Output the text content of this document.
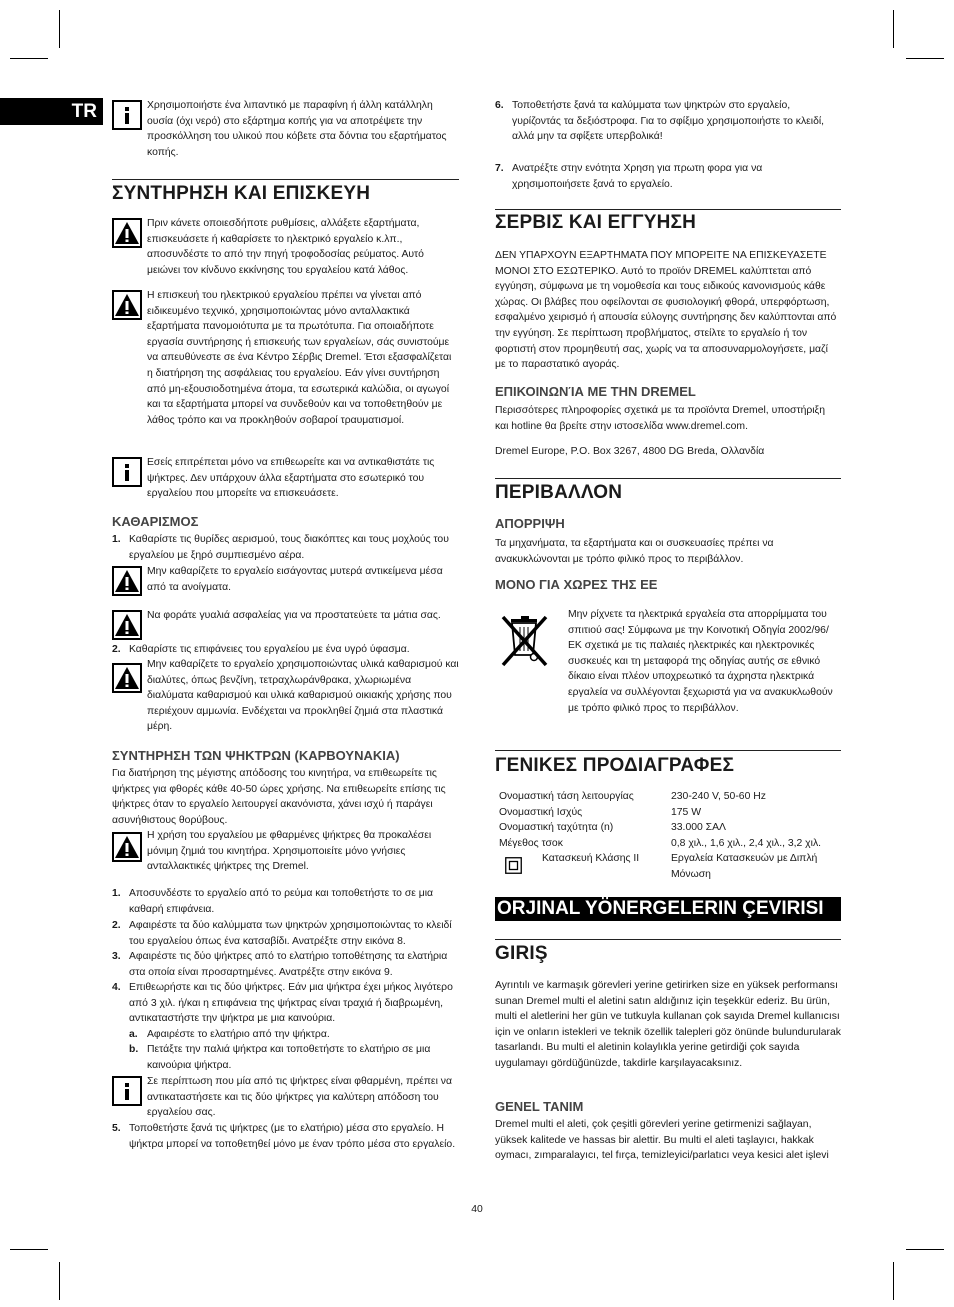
TR	Χρησιμοποιήστε ένα λιπαντικό με παραφίνη ή άλλη κατάλληλη ουσία (όχι νερό) στο εξάρτημα κοπής για να αποτρέψετε την προσκόλληση του υλικού που κόβετε στα δόντια του εξαρτήματος κοπής.

ΣΥΝΤΗΡΗΣΗ ΚΑΙ ΕΠΙΣΚΕΥΗ

Πριν κάνετε οποιεσδήποτε ρυθμίσεις, αλλάξετε εξαρτήματα, επισκευάσετε ή καθαρίσετε το ηλεκτρικό εργαλείο κ.λπ., αποσυνδέστε το από την πηγή τροφοδοσίας ρεύματος. Αυτό μειώνει τον κίνδυνο εκκίνησης του εργαλείου κατά λάθος.

Η επισκευή του ηλεκτρικού εργαλείου πρέπει να γίνεται από ειδικευμένο τεχνικό, χρησιμοποιώντας μόνο ανταλλακτικά εξαρτήματα πανομοιότυπα με τα πρωτότυπα. Για οποιαδήποτε εργασία συντήρησης ή επισκευής των εργαλείων, σάς συνιστούμε να απευθύνεστε σε ένα Κέντρο Σέρβις Dremel. Έτσι εξασφαλίζεται η διατήρηση της ασφάλειας του εργαλείου. Εάν γίνει συντήρηση από μη-εξουσιοδοτημένα άτομα, τα εσωτερικά καλώδια, οι αγωγοί και τα εξαρτήματα μπορεί να συνδεθούν και να τοποθετηθούν με λάθος τρόπο και να προκληθούν σοβαροί τραυματισμοί.

Εσείς επιτρέπεται μόνο να επιθεωρείτε και να αντικαθιστάτε τις ψήκτρες. Δεν υπάρχουν άλλα εξαρτήματα στο εσωτερικό του εργαλείου που μπορείτε να επισκευάσετε.

ΚΑΘΑΡΙΣΜΟΣ
1. Καθαρίστε τις θυρίδες αερισμού, τους διακόπτες και τους μοχλούς του εργαλείου με ξηρό συμπιεσμένο αέρα.

Μην καθαρίζετε το εργαλείο εισάγοντας μυτερά αντικείμενα μέσα από τα ανοίγματα.

Να φοράτε γυαλιά ασφαλείας για να προστατεύετε τα μάτια σας.

2. Καθαρίστε τις επιφάνειες του εργαλείου με ένα υγρό ύφασμα.

Μην καθαρίζετε το εργαλείο χρησιμοποιώντας υλικά καθαρισμού και διαλύτες, όπως βενζίνη, τετραχλωράνθρακα, χλωριωμένα διαλύματα καθαρισμού και υλικά καθαρισμού οικιακής χρήσης που περιέχουν αμμωνία. Ενδέχεται να προκληθεί ζημιά στα πλαστικά μέρη.

ΣΥΝΤΗΡΗΣΗ ΤΩΝ ΨΗΚΤΡΩΝ (ΚΑΡΒΟΥΝΑΚΙΑ)

Για διατήρηση της μέγιστης απόδοσης του κινητήρα, να επιθεωρείτε τις ψήκτρες για φθορές κάθε 40-50 ώρες χρήσης. Να επιθεωρείτε επίσης τις ψήκτρες όταν το εργαλείο λειτουργεί ακανόνιστα, χάνει ισχύ ή παράγει ασυνήθιστους θορύβους.

Η χρήση του εργαλείου με φθαρμένες ψήκτρες θα προκαλέσει μόνιμη ζημιά του κινητήρα. Χρησιμοποιείτε μόνο γνήσιες ανταλλακτικές ψήκτρες της Dremel.

1. Αποσυνδέστε το εργαλείο από το ρεύμα και τοποθετήστε το σε μια καθαρή επιφάνεια.

2. Αφαιρέστε τα δύο καλύμματα των ψηκτρών χρησιμοποιώντας το κλειδί του εργαλείου όπως ένα κατσαβίδι. Ανατρέξτε στην εικόνα 8.

3. Αφαιρέστε τις δύο ψήκτρες από το ελατήριο τοποθέτησης τα ελατήρια στα οποία είναι προσαρτημένες. Ανατρέξτε στην εικόνα 9.

4. Επιθεωρήστε και τις δύο ψήκτρες. Εάν μια ψήκτρα έχει μήκος λιγότερο από 3 χιλ. ή/και η επιφάνεια της ψήκτρας είναι τραχιά ή διαβρωμένη, αντικαταστήστε την ψήκτρα με μια καινούρια.

a. Αφαιρέστε το ελατήριο από την ψήκτρα.

b. Πετάξτε την παλιά ψήκτρα και τοποθετήστε το ελατήριο σε μια καινούρια ψήκτρα.

Σε περίπτωση που μία από τις ψήκτρες είναι φθαρμένη, πρέπει να αντικαταστήσετε και τις δύο ψήκτρες για καλύτερη απόδοση του εργαλείου σας.

5. Τοποθετήστε ξανά τις ψήκτρες (με το ελατήριο) μέσα στο εργαλείο. Η ψήκτρα μπορεί να τοποθετηθεί μόνο με έναν τρόπο μέσα στο εργαλείο.

6. Τοποθετήστε ξανά τα καλύμματα των ψηκτρών στο εργαλείο, γυρίζοντάς τα δεξιόστροφα. Για το σφίξιμο χρησιμοποιήστε το κλειδί, αλλά μην τα σφίξετε υπερβολικά!

7. Ανατρέξτε στην ενότητα Χρηση για πρωτη φορα για να χρησιμοποιήσετε ξανά το εργαλείο.

ΣΕΡΒΙΣ ΚΑΙ ΕΓΓΥΗΣΗ

ΔΕΝ ΥΠΑΡΧΟΥΝ ΕΞΑΡΤΗΜΑΤΑ ΠΟΥ ΜΠΟΡΕΙΤΕ ΝΑ ΕΠΙΣΚΕΥΑΣΕΤΕ ΜΟΝΟΙ ΣΤΟ ΕΣΩΤΕΡΙΚΟ. Αυτό το προϊόν DREMEL καλύπτεται από εγγύηση, σύμφωνα με τη νομοθεσία και τους ειδικούς κανονισμούς κάθε χώρας. Οι βλάβες που οφείλονται σε φυσιολογική φθορά, υπερφόρτωση, εσφαλμένο χειρισμό ή απουσία εύλογης συντήρησης δεν καλύπτονται από την εγγύηση. Σε περίπτωση προβλήματος, στείλτε το εργαλείο ή τον φορτιστή στον προμηθευτή σας, χωρίς να τα αποσυναρμολογήσετε, μαζί με το παραστατικό αγοράς.

ΕΠΙΚΟΙΝΩΝΊΑ ΜΕ ΤΗΝ DREMEL

Περισσότερες πληροφορίες σχετικά με τα προϊόντα Dremel, υποστήριξη και hotline θα βρείτε στην ιστοσελίδα www.dremel.com.

Dremel Europe, P.O. Box 3267, 4800 DG Breda, Ολλανδία

ΠΕΡΙΒΑΛΛΟΝ
ΑΠΟΡΡΙΨΗ

Τα μηχανήματα, τα εξαρτήματα και οι συσκευασίες πρέπει να ανακυκλώνονται με τρόπο φιλικό προς το περιβάλλον.

ΜΟΝΟ ΓΙΑ ΧΩΡΕΣ ΤΗΣ ΕΕ

Μην ρίχνετε τα ηλεκτρικά εργαλεία στα απορρίμματα του σπιτιού σας! Σύμφωνα με την Κοινοτική Οδηγία 2002/96/ΕΚ σχετικά με τις παλαιές ηλεκτρικές και ηλεκτρονικές συσκευές και τη μεταφορά της οδηγίας αυτής σε εθνικό δίκαιο είναι πλέον υποχρεωτικό τα άχρηστα ηλεκτρικά εργαλεία να συλλέγονται ξεχωριστά για να ανακυκλωθούν με τρόπο φιλικό προς το περιβάλλον.

ΓΕΝΙΚΕΣ ΠΡΟΔΙΑΓΡΑΦΕΣ
Ονομαστική τάση λειτουργίας	230-240 V, 50-60 Hz
Ονομαστική Ισχύς	175 W
Ονομαστική ταχύτητα (n)	33.000 ΣΑΛ
Μέγεθος τσοκ	0,8 χιλ., 1,6 χιλ., 2,4 χιλ., 3,2 χιλ.
Κατασκευή Κλάσης II	Εργαλεία Κατασκευών με Διπλή Μόνωση
ORJINAL YÖNERGELERIN ÇEVIRISI
GIRIŞ

Ayrıntılı ve karmaşık görevleri yerine getirirken size en yüksek performansı sunan Dremel multi el aletini satın aldığınız için teşekkür ederiz. Bu ürün, multi el aletlerini her gün ve tutkuyla kullanan çok sayıda Dremel kullanıcısı için ve onların istekleri ve teknik özellik talepleri göz önünde bulundurularak tasarlandı. Bu multi el aletinin kolaylıkla yerine getirdiği çok sayıda uygulamayı gördüğünüzde, takdirle karşılayacaksınız.

GENEL TANIM

Dremel multi el aleti, çok çeşitli görevleri yerine getirmenizi sağlayan, yüksek kalitede ve hassas bir alettir. Bu multi el aleti taşlayıcı, hakkak oymacı, zımparalayıcı, tel fırça, temizleyici/parlatıcı veya kesici alet işlevi

40
